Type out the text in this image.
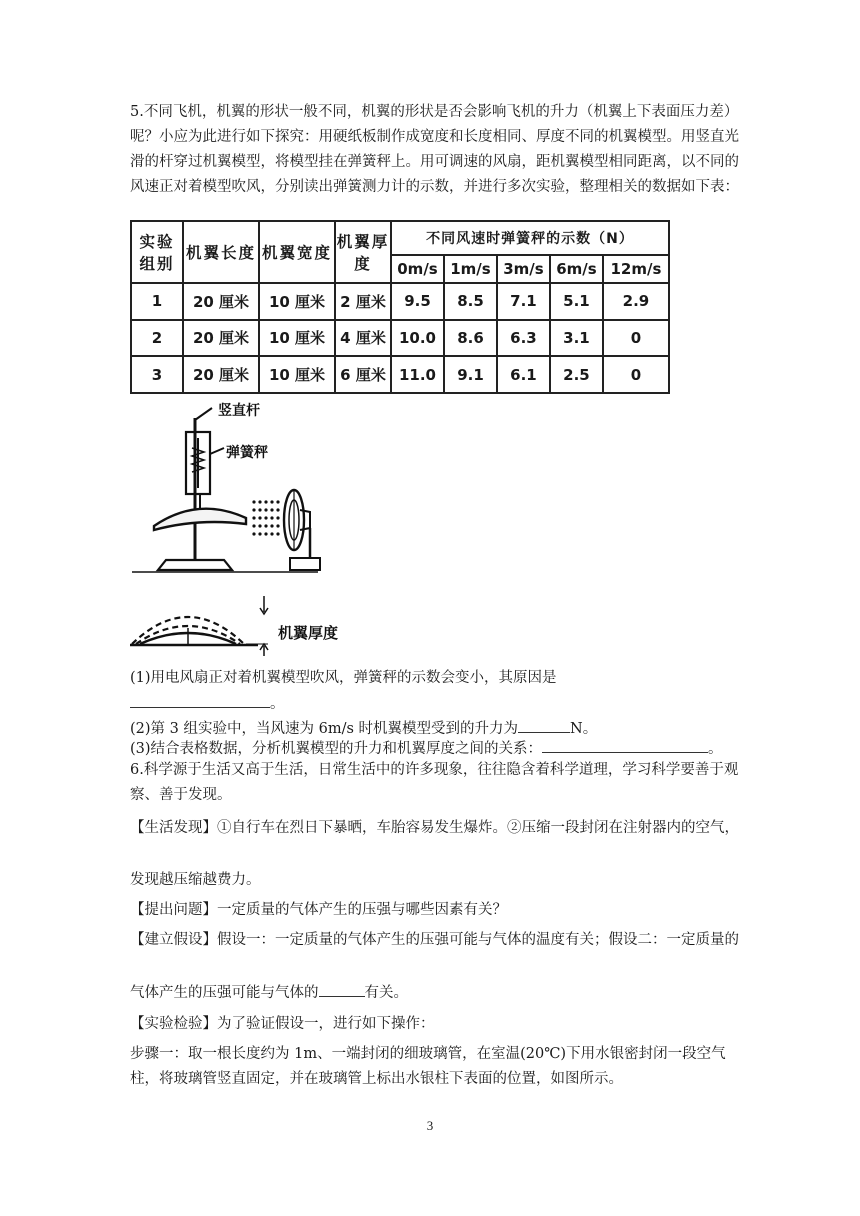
5.不同飞机，机翼的形状一般不同，机翼的形状是否会影响飞机的升力（机翼上下表面压力差）呢？小应为此进行如下探究：用硬纸板制作成宽度和长度相同、厚度不同的机翼模型。用竖直光滑的杆穿过机翼模型，将模型挂在弹簧秤上。用可调速的风扇，距机翼模型相同距离，以不同的风速正对着模型吹风，分别读出弹簧测力计的示数，并进行多次实验，整理相关的数据如下表：

实验组别	机翼长度	机翼宽度	机翼厚度	不同风速时弹簧秤的示数（N）				
				0m/s	1m/s	3m/s	6m/s	12m/s
1	20 厘米	10 厘米	2 厘米	9.5	8.5	7.1	5.1	2.9
2	20 厘米	10 厘米	4 厘米	10.0	8.6	6.3	3.1	0
3	20 厘米	10 厘米	6 厘米	11.0	9.1	6.1	2.5	0
竖直杆
弹簧秤
机翼厚度

(1)用电风扇正对着机翼模型吹风，弹簧秤的示数会变小，其原因是
。

(2)第 3 组实验中，当风速为 6m/s 时机翼模型受到的升力为	N。

(3)结合表格数据，分析机翼模型的升力和机翼厚度之间的关系：	。

6.科学源于生活又高于生活，日常生活中的许多现象，往往隐含着科学道理，学习科学要善于观察、善于发现。

【生活发现】①自行车在烈日下暴晒，车胎容易发生爆炸。②压缩一段封闭在注射器内的空气，

发现越压缩越费力。

【提出问题】一定质量的气体产生的压强与哪些因素有关？

【建立假设】假设一：一定质量的气体产生的压强可能与气体的温度有关；假设二：一定质量的

气体产生的压强可能与气体的	有关。

【实验检验】为了验证假设一，进行如下操作：

步骤一：取一根长度约为 1m、一端封闭的细玻璃管，在室温(20℃)下用水银密封闭一段空气柱，将玻璃管竖直固定，并在玻璃管上标出水银柱下表面的位置，如图所示。

3
